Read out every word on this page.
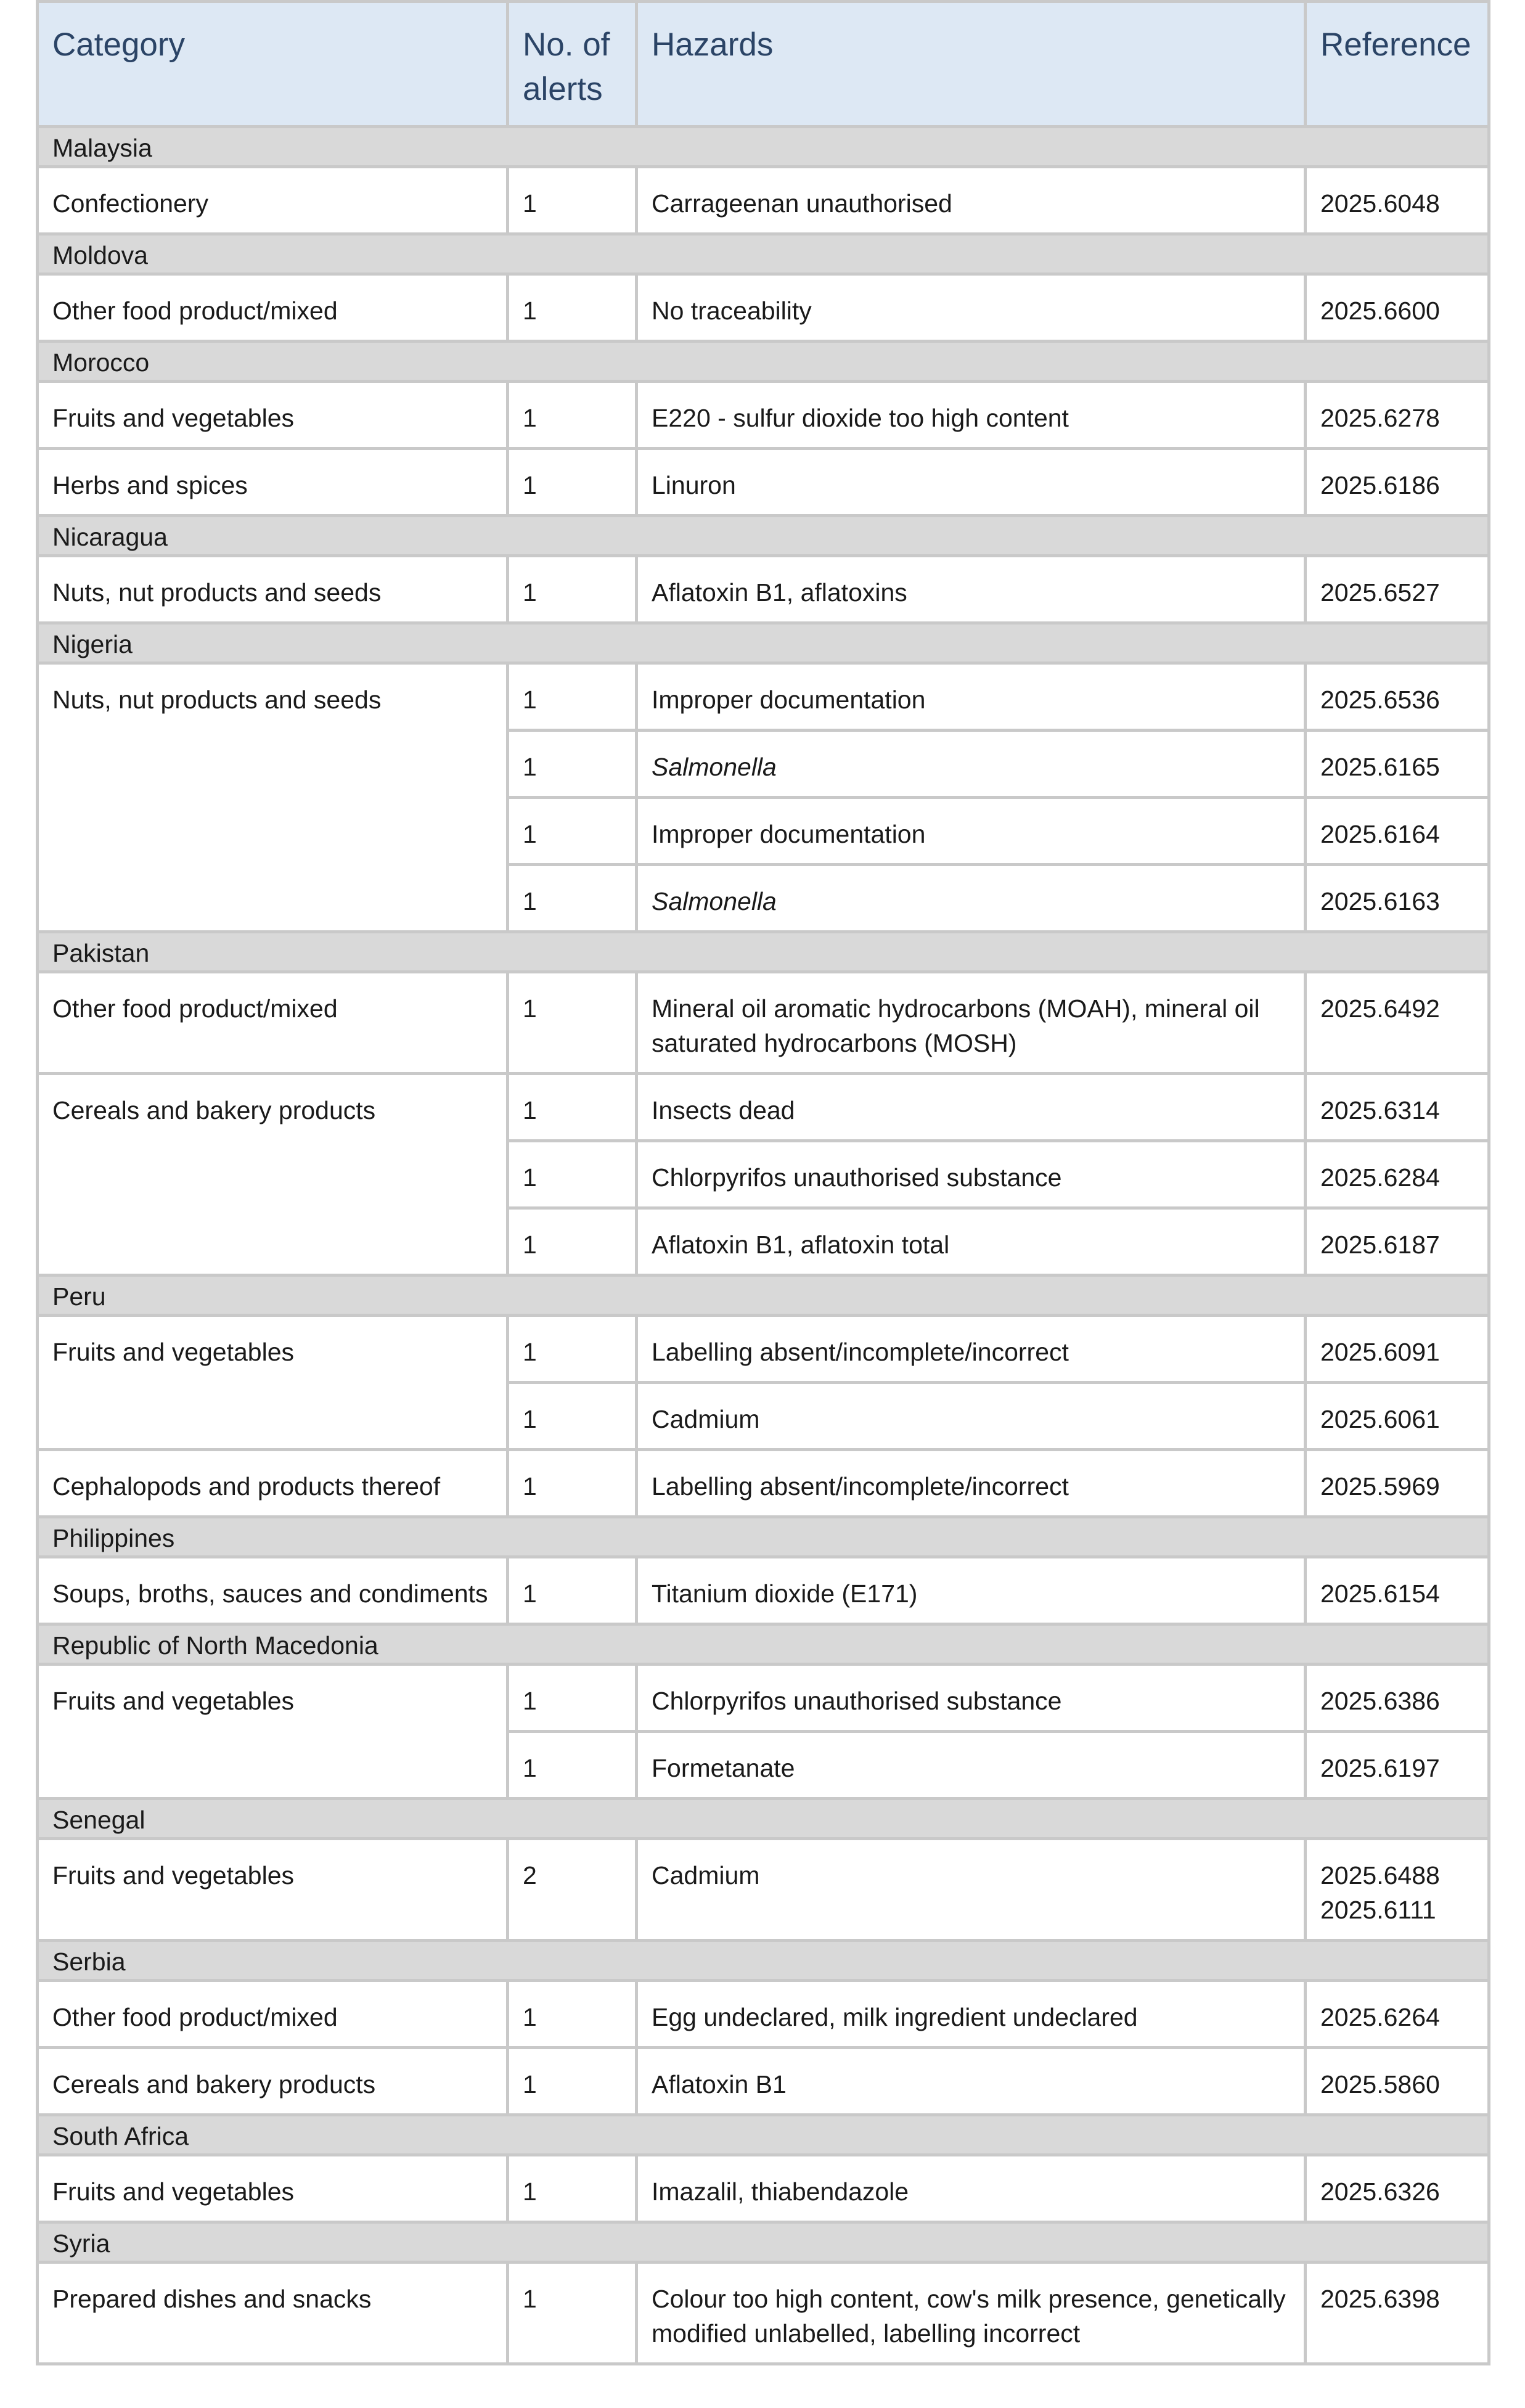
Category	No. of alerts	Hazards	Reference
Malaysia			
Confectionery	1	Carrageenan unauthorised	2025.6048

Moldova			
Other food product/mixed	1	No traceability	2025.6600

Morocco			
Fruits and vegetables	1	E220 - sulfur dioxide too high content	2025.6278

Herbs and spices	1	Linuron	2025.6186

Nicaragua			
Nuts, nut products and seeds	1	Aflatoxin B1, aflatoxins	2025.6527

Nigeria			
Nuts, nut products and seeds	1	Improper documentation	2025.6536

	1	Salmonella	2025.6165

	1	Improper documentation	2025.6164

	1	Salmonella	2025.6163

Pakistan			
Other food product/mixed	1	Mineral oil aromatic hydrocarbons (MOAH), mineral oil saturated hydrocarbons (MOSH)	2025.6492

Cereals and bakery products	1	Insects dead	2025.6314

	1	Chlorpyrifos unauthorised substance	2025.6284

	1	Aflatoxin B1, aflatoxin total	2025.6187

Peru			
Fruits and vegetables	1	Labelling absent/incomplete/incorrect	2025.6091

	1	Cadmium	2025.6061

Cephalopods and products thereof	1	Labelling absent/incomplete/incorrect	2025.5969

Philippines			
Soups, broths, sauces and condiments	1	Titanium dioxide (E171)	2025.6154

Republic of North Macedonia			
Fruits and vegetables	1	Chlorpyrifos unauthorised substance	2025.6386

	1	Formetanate	2025.6197

Senegal			
Fruits and vegetables	2	Cadmium	2025.6488
2025.6111

Serbia			
Other food product/mixed	1	Egg undeclared, milk ingredient undeclared	2025.6264

Cereals and bakery products	1	Aflatoxin B1	2025.5860

South Africa			
Fruits and vegetables	1	Imazalil, thiabendazole	2025.6326

Syria			
Prepared dishes and snacks	1	Colour too high content, cow's milk presence, genetically modified unlabelled, labelling incorrect	2025.6398
